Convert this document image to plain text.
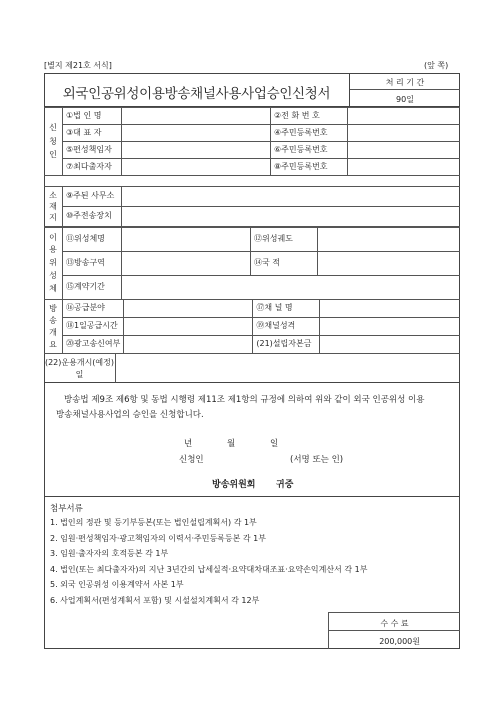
[별지 제21호 서식]	(앞 쪽)
외국인공위성이용방송채널사용사업승인신청서
처 리 기 간
90일
신
청
인	①법 인 명		②전 화 번 호	
	③대 표 자		④주민등록번호	
	⑤편성책임자		⑥주민등록번호	
	⑦최다출자자		⑧주민등록번호	
소
재
지	⑨주된 사무소	
	⑩주전송장치	
이
용
위
성
체	⑪위성체명		⑫위성궤도	
	⑬방송구역		⑭국 적	
	⑮계약기간			
방
송
개
요	⑯공급분야		⑰채 널 명	
	⑱1일공급시간		⑲채널성격	
	⑳광고송신여부		(21)설립자본금	
(22)운용개시(예정)
일
방송법 제9조 제6항 및 동법 시행령 제11조 제1항의 규정에 의하여 위와 같이 외국 인공위성 이용 방송채널사용사업의 승인을 신청합니다.
년	월	일
신청인	(서명 또는 인)
방송위원회 귀중
첨부서류
1. 법인의 정관 및 등기부등본(또는 법인설립계획서) 각 1부
2. 임원·편성책임자·광고책임자의 이력서·주민등록등본 각 1부
3. 임원·출자자의 호적등본 각 1부
4. 법인(또는 최다출자자)의 지난 3년간의 납세실적·요약대차대조표·요약손익계산서 각 1부
5. 외국 인공위성 이용계약서 사본 1부
6. 사업계획서(편성계획서 포함) 및 시설설치계획서 각 12부
수 수 료
200,000원
